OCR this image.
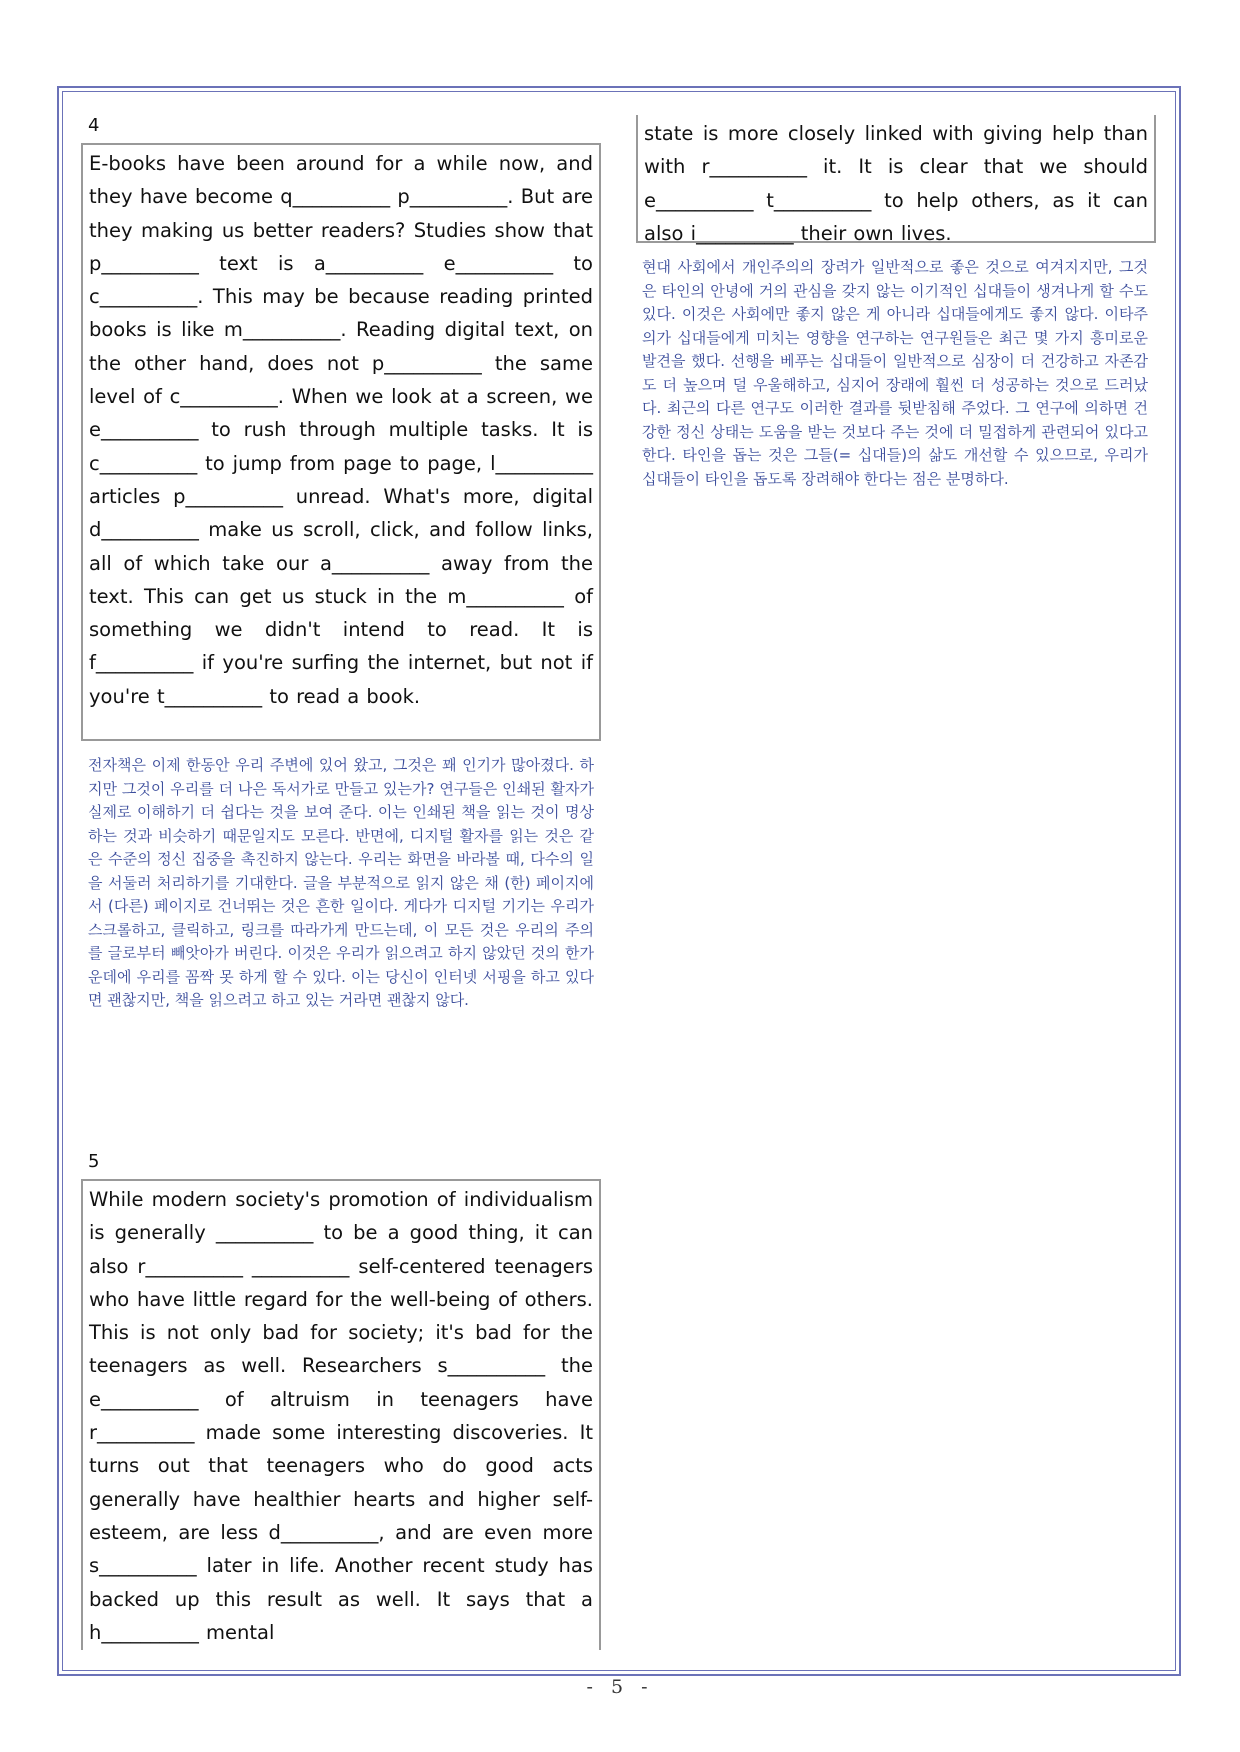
4
E-books have been around for a while now, and they have become q__________ p__________. But are they making us better readers? Studies show that p__________ text is a__________ e__________ to c__________. This may be because reading printed books is like m__________. Reading digital text, on the other hand, does not p__________ the same level of c__________. When we look at a screen, we e__________ to rush through multiple tasks. It is c__________ to jump from page to page, l__________ articles p__________ unread. What's more, digital d__________ make us scroll, click, and follow links, all of which take our a__________ away from the text. This can get us stuck in the m__________ of something we didn't intend to read. It is f__________ if you're surfing the internet, but not if you're t__________ to read a book.
전자책은 이제 한동안 우리 주변에 있어 왔고, 그것은 꽤 인기가 많아졌다. 하지만 그것이 우리를 더 나은 독서가로 만들고 있는가? 연구들은 인쇄된 활자가 실제로 이해하기 더 쉽다는 것을 보여 준다. 이는 인쇄된 책을 읽는 것이 명상하는 것과 비슷하기 때문일지도 모른다. 반면에, 디지털 활자를 읽는 것은 같은 수준의 정신 집중을 촉진하지 않는다. 우리는 화면을 바라볼 때, 다수의 일을 서둘러 처리하기를 기대한다. 글을 부분적으로 읽지 않은 채 (한) 페이지에서 (다른) 페이지로 건너뛰는 것은 흔한 일이다. 게다가 디지털 기기는 우리가 스크롤하고, 클릭하고, 링크를 따라가게 만드는데, 이 모든 것은 우리의 주의를 글로부터 빼앗아가 버린다. 이것은 우리가 읽으려고 하지 않았던 것의 한가운데에 우리를 꼼짝 못 하게 할 수 있다. 이는 당신이 인터넷 서핑을 하고 있다면 괜찮지만, 책을 읽으려고 하고 있는 거라면 괜찮지 않다.
5
While modern society's promotion of individualism is generally __________ to be a good thing, it can also r__________ __________ self-centered teenagers who have little regard for the well-being of others. This is not only bad for society; it's bad for the teenagers as well. Researchers s__________ the e__________ of altruism in teenagers have r__________ made some interesting discoveries. It turns out that teenagers who do good acts generally have healthier hearts and higher self-esteem, are less d__________, and are even more s__________ later in life. Another recent study has backed up this result as well. It says that a h__________ mental
state is more closely linked with giving help than with r__________ it. It is clear that we should e__________ t__________ to help others, as it can also i__________ their own lives.
현대 사회에서 개인주의의 장려가 일반적으로 좋은 것으로 여겨지지만, 그것은 타인의 안녕에 거의 관심을 갖지 않는 이기적인 십대들이 생겨나게 할 수도 있다. 이것은 사회에만 좋지 않은 게 아니라 십대들에게도 좋지 않다. 이타주의가 십대들에게 미치는 영향을 연구하는 연구원들은 최근 몇 가지 흥미로운 발견을 했다. 선행을 베푸는 십대들이 일반적으로 심장이 더 건강하고 자존감도 더 높으며 덜 우울해하고, 심지어 장래에 훨씬 더 성공하는 것으로 드러났다. 최근의 다른 연구도 이러한 결과를 뒷받침해 주었다. 그 연구에 의하면 건강한 정신 상태는 도움을 받는 것보다 주는 것에 더 밀접하게 관련되어 있다고 한다. 타인을 돕는 것은 그들(= 십대들)의 삶도 개선할 수 있으므로, 우리가 십대들이 타인을 돕도록 장려해야 한다는 점은 분명하다.
- 5 -
